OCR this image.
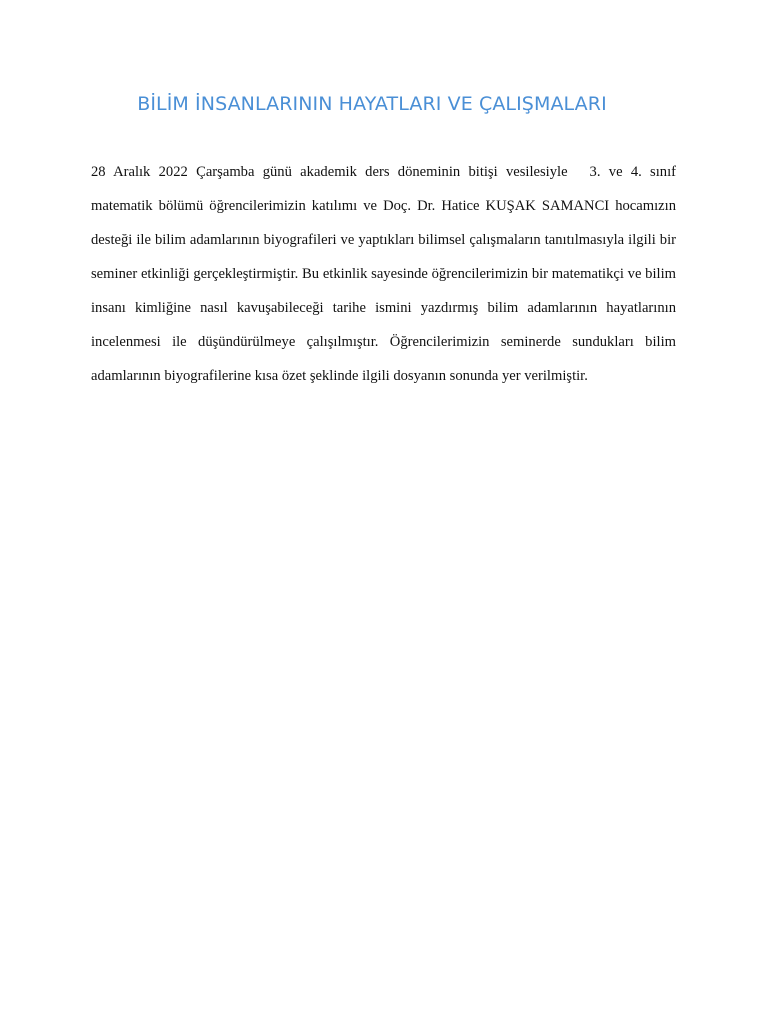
BİLİM İNSANLARININ HAYATLARI VE ÇALIŞMALARI

28 Aralık 2022 Çarşamba günü akademik ders döneminin bitişi vesilesiyle 3. ve 4. sınıf matematik bölümü öğrencilerimizin katılımı ve Doç. Dr. Hatice KUŞAK SAMANCI hocamızın desteği ile bilim adamlarının biyografileri ve yaptıkları bilimsel çalışmaların tanıtılmasıyla ilgili bir seminer etkinliği gerçekleştirmiştir. Bu etkinlik sayesinde öğrencilerimizin bir matematikçi ve bilim insanı kimliğine nasıl kavuşabileceği tarihe ismini yazdırmış bilim adamlarının hayatlarının incelenmesi ile düşündürülmeye çalışılmıştır. Öğrencilerimizin seminerde sundukları bilim adamlarının biyografilerine kısa özet şeklinde ilgili dosyanın sonunda yer verilmiştir.
